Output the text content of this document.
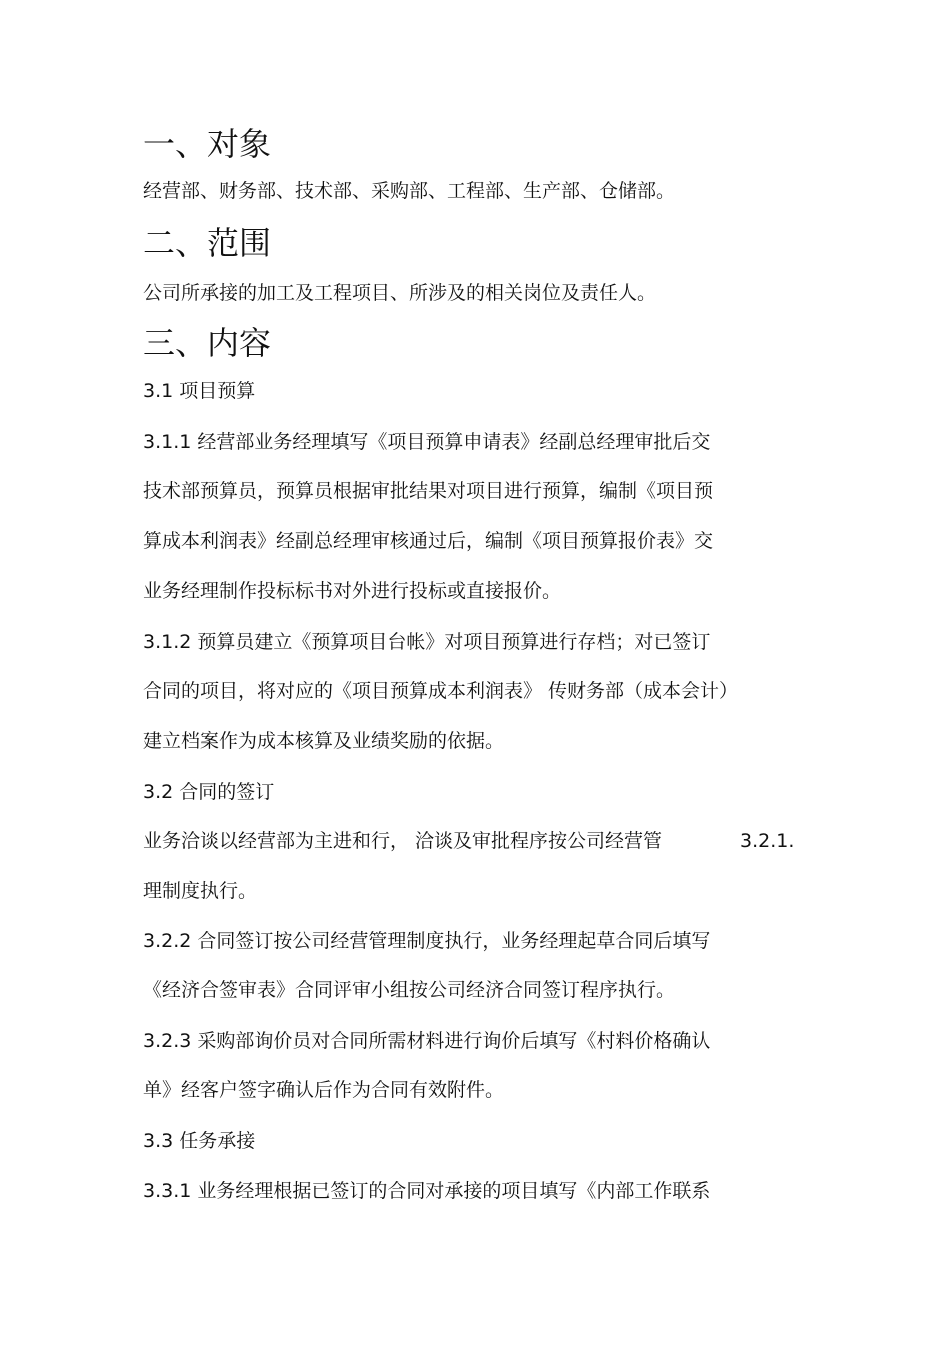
一、对象

经营部、财务部、技术部、采购部、工程部、生产部、仓储部。

二、范围

公司所承接的加工及工程项目、所涉及的相关岗位及责任人。

三、内容

3.1 项目预算

3.1.1 经营部业务经理填写《项目预算申请表》经副总经理审批后交

技术部预算员，预算员根据审批结果对项目进行预算，编制《项目预

算成本利润表》经副总经理审核通过后，编制《项目预算报价表》交

业务经理制作投标标书对外进行投标或直接报价。

3.1.2 预算员建立《预算项目台帐》对项目预算进行存档；对已签订

合同的项目，将对应的《项目预算成本利润表》 传财务部（成本会计）

建立档案作为成本核算及业绩奖励的依据。

3.2 合同的签订

业务洽谈以经营部为主进和行， 洽谈及审批程序按公司经营管	3.2.1.

理制度执行。

3.2.2 合同签订按公司经营管理制度执行，业务经理起草合同后填写

《经济合签审表》合同评审小组按公司经济合同签订程序执行。

3.2.3 采购部询价员对合同所需材料进行询价后填写《村料价格确认

单》经客户签字确认后作为合同有效附件。

3.3 任务承接

3.3.1 业务经理根据已签订的合同对承接的项目填写《内部工作联系
